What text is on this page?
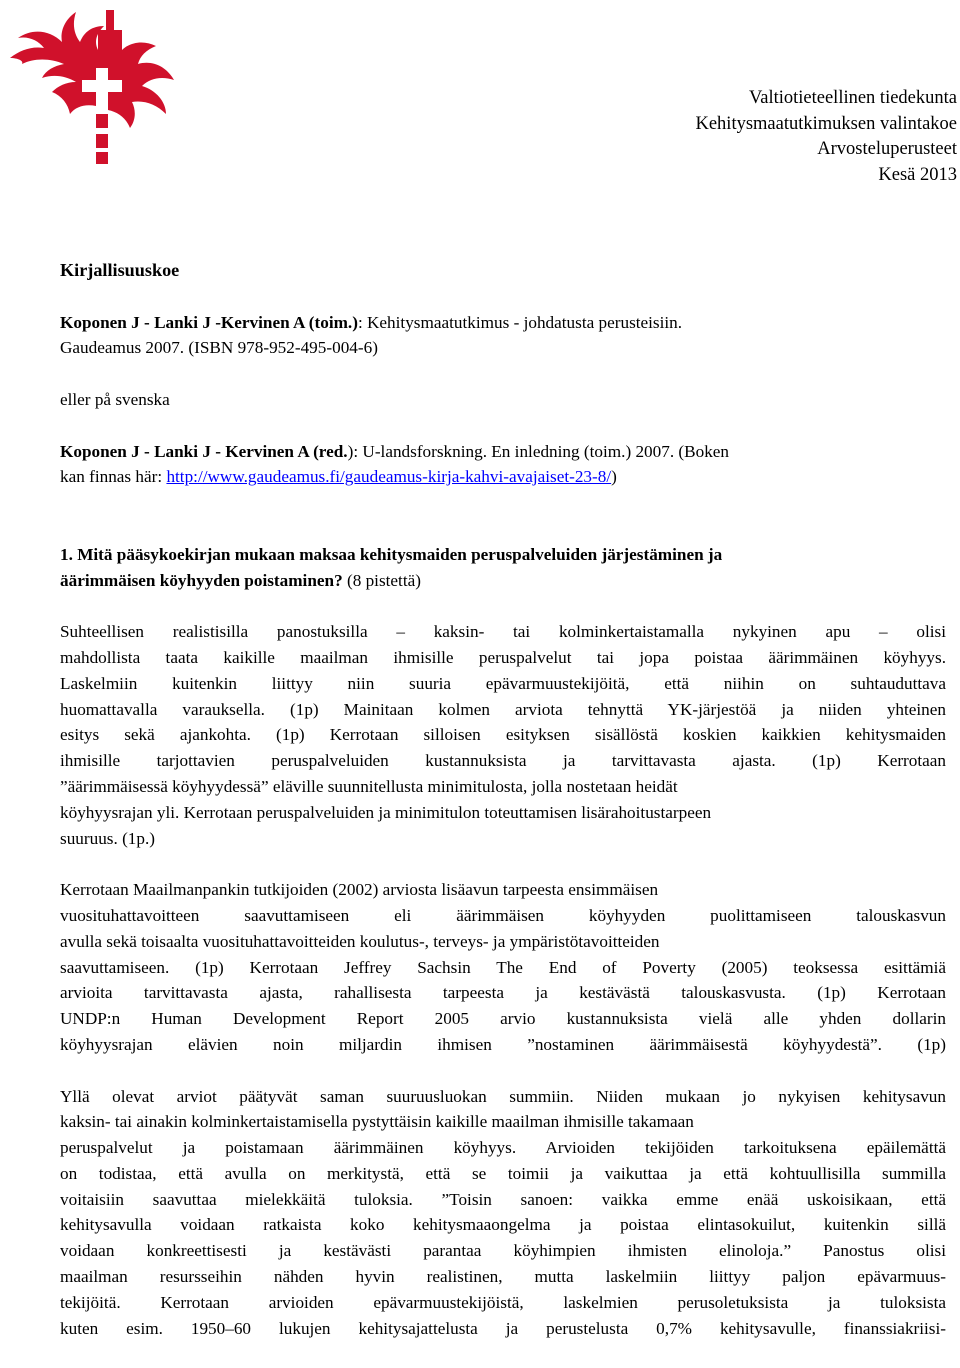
Valtiotieteellinen tiedekunta
Kehitysmaatutkimuksen valintakoe
Arvosteluperusteet
Kesä 2013
Kirjallisuuskoe
Koponen J - Lanki J -Kervinen A (toim.): Kehitysmaatutkimus - johdatusta perusteisiin.
Gaudeamus 2007. (ISBN 978-952-495-004-6)
eller på svenska
Koponen J - Lanki J - Kervinen A (red.): U-landsforskning. En inledning (toim.) 2007. (Boken
kan finnas här: http://www.gaudeamus.fi/gaudeamus-kirja-kahvi-avajaiset-23-8/)
1. Mitä pääsykoekirjan mukaan maksaa kehitysmaiden peruspalveluiden järjestäminen ja
äärimmäisen köyhyyden poistaminen? (8 pistettä)
Suhteellisen realistisilla panostuksilla – kaksin- tai kolminkertaistamalla nykyinen apu – olisi
mahdollista taata kaikille maailman ihmisille peruspalvelut tai jopa poistaa äärimmäinen köyhyys.
Laskelmiin kuitenkin liittyy niin suuria epävarmuustekijöitä, että niihin on suhtauduttava
huomattavalla varauksella. (1p) Mainitaan kolmen arviota tehnyttä YK-järjestöä ja niiden yhteinen
esitys sekä ajankohta. (1p) Kerrotaan silloisen esityksen sisällöstä koskien kaikkien kehitysmaiden
ihmisille tarjottavien peruspalveluiden kustannuksista ja tarvittavasta ajasta. (1p) Kerrotaan
”äärimmäisessä köyhyydessä” eläville suunnitellusta minimitulosta, jolla nostetaan heidät
köyhyysrajan yli. Kerrotaan peruspalveluiden ja minimitulon toteuttamisen lisärahoitustarpeen
suuruus. (1p.)
Kerrotaan Maailmanpankin tutkijoiden (2002) arviosta lisäavun tarpeesta ensimmäisen
vuosituhattavoitteen saavuttamiseen eli äärimmäisen köyhyyden puolittamiseen talouskasvun
avulla sekä toisaalta vuosituhattavoitteiden koulutus-, terveys- ja ympäristötavoitteiden
saavuttamiseen. (1p) Kerrotaan Jeffrey Sachsin The End of Poverty (2005) teoksessa esittämiä
arvioita tarvittavasta ajasta, rahallisesta tarpeesta ja kestävästä talouskasvusta. (1p) Kerrotaan
UNDP:n Human Development Report 2005 arvio kustannuksista vielä alle yhden dollarin
köyhyysrajan elävien noin miljardin ihmisen ”nostaminen äärimmäisestä köyhyydestä”. (1p)
Yllä olevat arviot päätyvät saman suuruusluokan summiin. Niiden mukaan jo nykyisen kehitysavun
kaksin- tai ainakin kolminkertaistamisella pystyttäisin kaikille maailman ihmisille takamaan
peruspalvelut ja poistamaan äärimmäinen köyhyys. Arvioiden tekijöiden tarkoituksena epäilemättä
on todistaa, että avulla on merkitystä, että se toimii ja vaikuttaa ja että kohtuullisilla summilla
voitaisiin saavuttaa mielekkäitä tuloksia. ”Toisin sanoen: vaikka emme enää uskoisikaan, että
kehitysavulla voidaan ratkaista koko kehitysmaaongelma ja poistaa elintasokuilut, kuitenkin sillä
voidaan konkreettisesti ja kestävästi parantaa köyhimpien ihmisten elinoloja.” Panostus olisi
maailman resursseihin nähden hyvin realistinen, mutta laskelmiin liittyy paljon epävarmuus-
tekijöitä. Kerrotaan arvioiden epävarmuustekijöistä, laskelmien perusoletuksista ja tuloksista
kuten esim. 1950–60 lukujen kehitysajattelusta ja perustelusta 0,7% kehitysavulle, finanssiakriisi-
